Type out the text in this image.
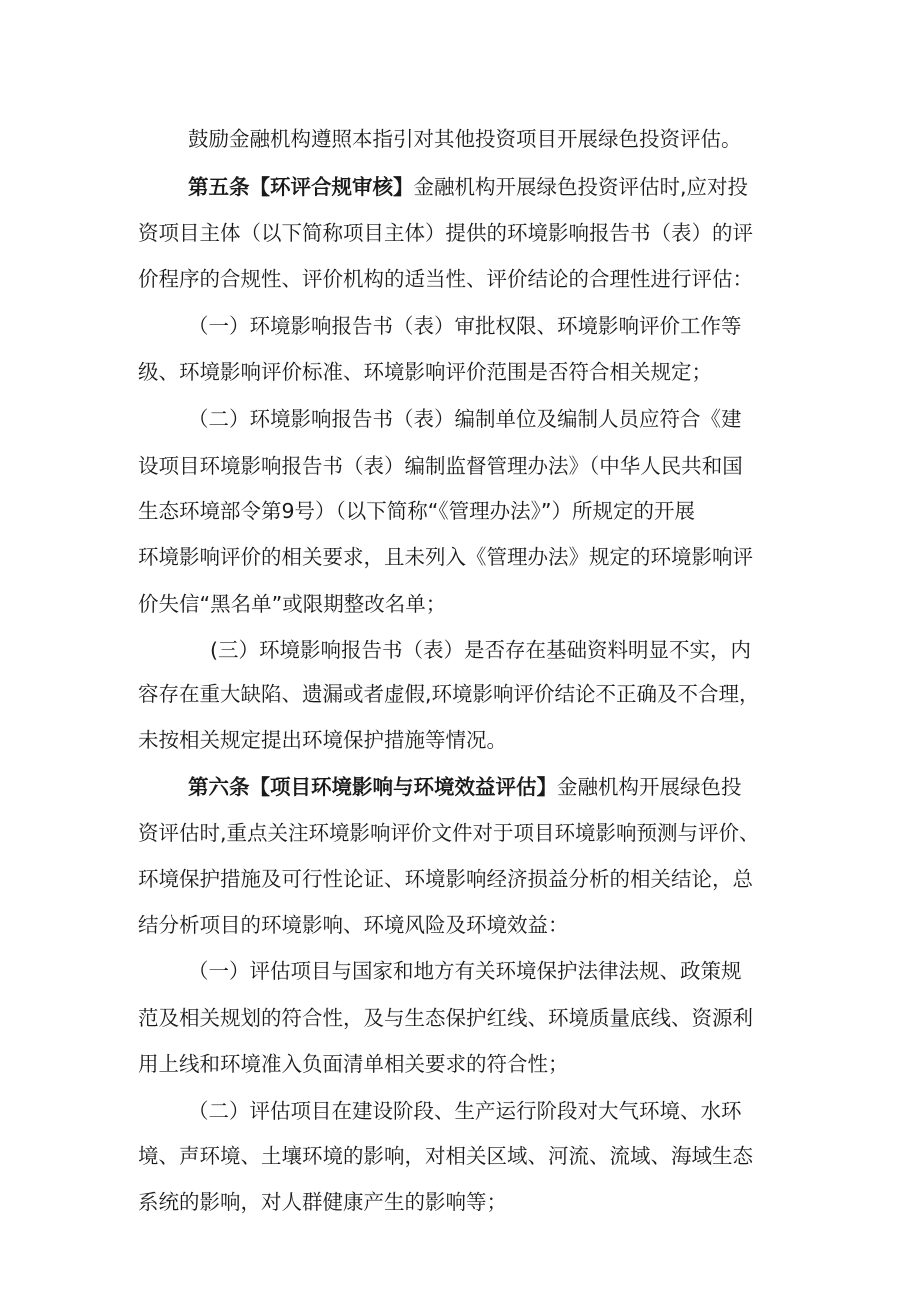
鼓励金融机构遵照本指引对其他投资项目开展绿色投资评估。
第五条【环评合规审核】金融机构开展绿色投资评估时,应对投
资项目主体（以下简称项目主体）提供的环境影响报告书（表）的评
价程序的合规性、评价机构的适当性、评价结论的合理性进行评估：
（一）环境影响报告书（表）审批权限、环境影响评价工作等
级、环境影响评价标准、环境影响评价范围是否符合相关规定；
（二）环境影响报告书（表）编制单位及编制人员应符合《建
设项目环境影响报告书（表）编制监督管理办法》（中华人民共和国
生态环境部令第9号）（以下简称“《管理办法》”）所规定的开展
环境影响评价的相关要求，且未列入《管理办法》规定的环境影响评
价失信“黑名单”或限期整改名单；
(三）环境影响报告书（表）是否存在基础资料明显不实，内
容存在重大缺陷、遗漏或者虚假,环境影响评价结论不正确及不合理，
未按相关规定提出环境保护措施等情况。
第六条【项目环境影响与环境效益评估】金融机构开展绿色投
资评估时,重点关注环境影响评价文件对于项目环境影响预测与评价、
环境保护措施及可行性论证、环境影响经济损益分析的相关结论，总
结分析项目的环境影响、环境风险及环境效益：
（一）评估项目与国家和地方有关环境保护法律法规、政策规
范及相关规划的符合性，及与生态保护红线、环境质量底线、资源利
用上线和环境准入负面清单相关要求的符合性；
（二）评估项目在建设阶段、生产运行阶段对大气环境、水环
境、声环境、土壤环境的影响，对相关区域、河流、流域、海域生态
系统的影响，对人群健康产生的影响等；
